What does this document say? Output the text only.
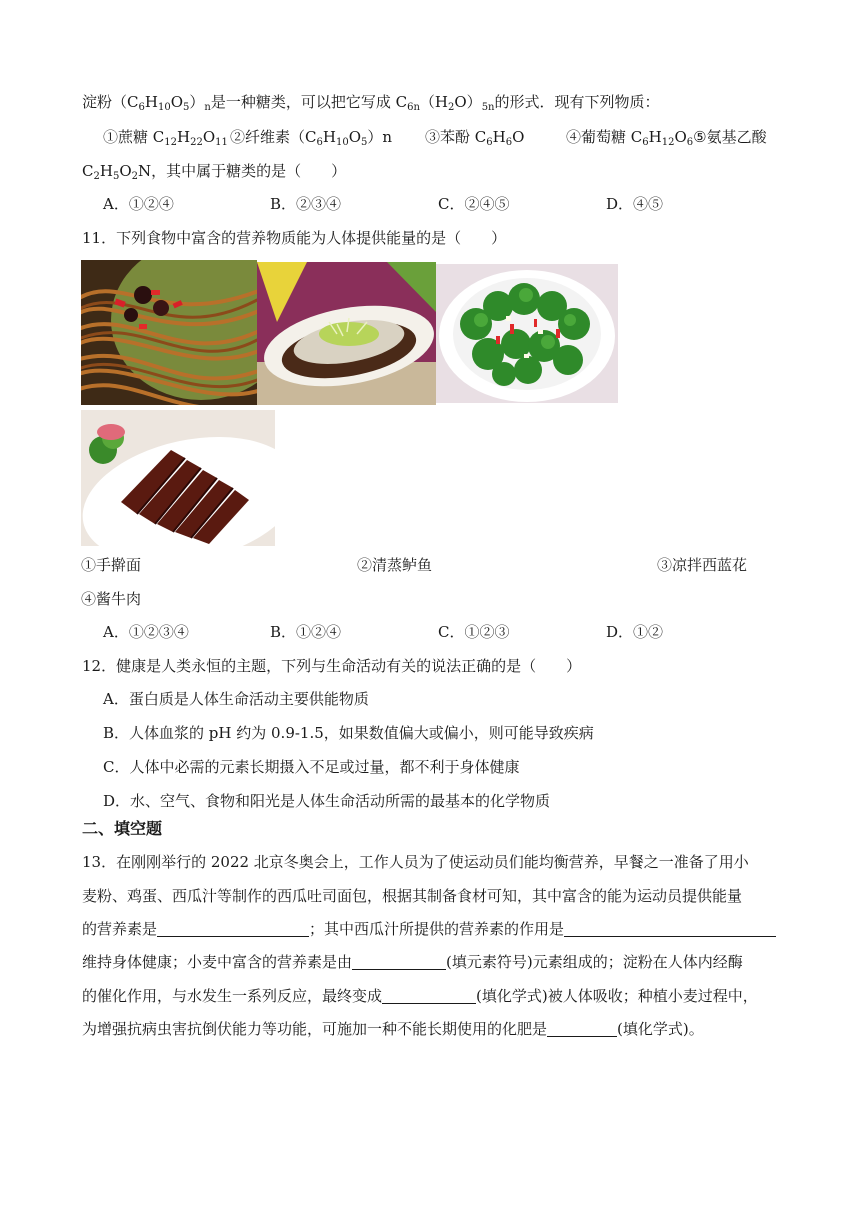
淀粉$(C_6H_{10}O_5)_n$是一种糖类，可以把它写成 $C_{6n}(H_2O)_{5n}$的形式．现有下列物质：
①蔗糖 $C_{12}H_{22}O_{11}$ ②纤维素$(C_6H_{10}O_5)n$ ③苯酚 $C_6H_6O$	④葡萄糖 $C_6H_{12}O_6⑤$氨基乙酸
$C_2H_5O_2N$，其中属于糖类的是（　　）
A．①②④	B．②③④	C．②④⑤	D．④⑤
11．下列食物中富含的营养物质能为人体提供能量的是（　　）
①手擀面	②清蒸鲈鱼	③凉拌西蓝花
④酱牛肉
A．①②③④	B．①②④	C．①②③	D．①②
12．健康是人类永恒的主题，下列与生命活动有关的说法正确的是（　　）
A．蛋白质是人体生命活动主要供能物质
B．人体血浆的 pH 约为 0.9-1.5，如果数值偏大或偏小，则可能导致疾病
C．人体中必需的元素长期摄入不足或过量，都不利于身体健康
D．水、空气、食物和阳光是人体生命活动所需的最基本的化学物质
二、填空题
13．在刚刚举行的 2022 北京冬奥会上，工作人员为了使运动员们能均衡营养，早餐之一准备了用小
麦粉、鸡蛋、西瓜汁等制作的西瓜吐司面包，根据其制备食材可知，其中富含的能为运动员提供能量
的营养素是	；其中西瓜汁所提供的营养素的作用是
维持身体健康；小麦中富含的营养素是由	(填元素符号)元素组成的；淀粉在人体内经酶
的催化作用，与水发生一系列反应，最终变成	(填化学式)被人体吸收；种植小麦过程中，
为增强抗病虫害抗倒伏能力等功能，可施加一种不能长期使用的化肥是	(填化学式)。
